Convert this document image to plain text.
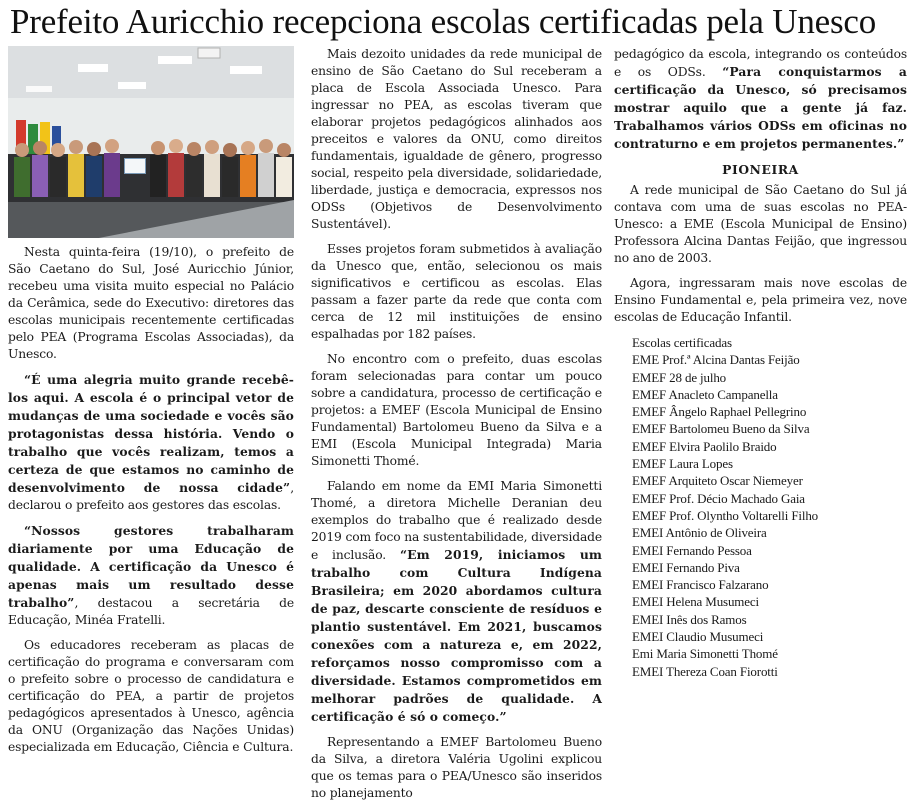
Prefeito Auricchio recepciona escolas certificadas pela Unesco

Nesta quinta-feira (19/10), o prefeito de São Caetano do Sul, José Auricchio Júnior, recebeu uma visita muito especial no Palácio da Cerâmica, sede do Executivo: diretores das escolas municipais recentemente certificadas pelo PEA (Programa Escolas Associadas), da Unesco.

“É uma alegria muito grande recebê-los aqui. A escola é o principal vetor de mudanças de uma sociedade e vocês são protagonistas dessa história. Vendo o trabalho que vocês realizam, temos a certeza de que estamos no caminho de desenvolvimento de nossa cidade”, declarou o prefeito aos gestores das escolas.

“Nossos gestores trabalharam diariamente por uma Educação de qualidade. A certificação da Unesco é apenas mais um resultado desse trabalho”, destacou a secretária de Educação, Minéa Fratelli.

Os educadores receberam as placas de certificação do programa e conversaram com o prefeito sobre o processo de candidatura e certificação do PEA, a partir de projetos pedagógicos apresentados à Unesco, agência da ONU (Organização das Nações Unidas) especializada em Educação, Ciência e Cultura.

Mais dezoito unidades da rede municipal de ensino de São Caetano do Sul receberam a placa de Escola Associada Unesco. Para ingressar no PEA, as escolas tiveram que elaborar projetos pedagógicos alinhados aos preceitos e valores da ONU, como direitos fundamentais, igualdade de gênero, progresso social, respeito pela diversidade, solidariedade, liberdade, justiça e democracia, expressos nos ODSs (Objetivos de Desenvolvimento Sustentável).

Esses projetos foram submetidos à avaliação da Unesco que, então, selecionou os mais significativos e certificou as escolas. Elas passam a fazer parte da rede que conta com cerca de 12 mil instituições de ensino espalhadas por 182 países.

No encontro com o prefeito, duas escolas foram selecionadas para contar um pouco sobre a candidatura, processo de certificação e projetos: a EMEF (Escola Municipal de Ensino Fundamental) Bartolomeu Bueno da Silva e a EMI (Escola Municipal Integrada) Maria Simonetti Thomé.

Falando em nome da EMI Maria Simonetti Thomé, a diretora Michelle Deranian deu exemplos do trabalho que é realizado desde 2019 com foco na sustentabilidade, diversidade e inclusão. “Em 2019, iniciamos um trabalho com Cultura Indígena Brasileira; em 2020 abordamos cultura de paz, descarte consciente de resíduos e plantio sustentável. Em 2021, buscamos conexões com a natureza e, em 2022, reforçamos nosso compromisso com a diversidade. Estamos comprometidos em melhorar padrões de qualidade. A certificação é só o começo.”

Representando a EMEF Bartolomeu Bueno da Silva, a diretora Valéria Ugolini explicou que os temas para o PEA/Unesco são inseridos no planejamento

pedagógico da escola, integrando os conteúdos e os ODSs. “Para conquistarmos a certificação da Unesco, só precisamos mostrar aquilo que a gente já faz. Trabalhamos vários ODSs em oficinas no contraturno e em projetos permanentes.”

PIONEIRA

A rede municipal de São Caetano do Sul já contava com uma de suas escolas no PEA-Unesco: a EME (Escola Municipal de Ensino) Professora Alcina Dantas Feijão, que ingressou no ano de 2003.

Agora, ingressaram mais nove escolas de Ensino Fundamental e, pela primeira vez, nove escolas de Educação Infantil.

Escolas certificadas
EME Prof.ª Alcina Dantas Feijão
EMEF 28 de julho
EMEF Anacleto Campanella
EMEF Ângelo Raphael Pellegrino
EMEF Bartolomeu Bueno da Silva
EMEF Elvira Paolilo Braido
EMEF Laura Lopes
EMEF Arquiteto Oscar Niemeyer
EMEF Prof. Décio Machado Gaia
EMEF Prof. Olyntho Voltarelli Filho
EMEI Antônio de Oliveira
EMEI Fernando Pessoa
EMEI Fernando Piva
EMEI Francisco Falzarano
EMEI Helena Musumeci
EMEI Inês dos Ramos
EMEI Claudio Musumeci
Emi Maria Simonetti Thomé
EMEI Thereza Coan Fiorotti
